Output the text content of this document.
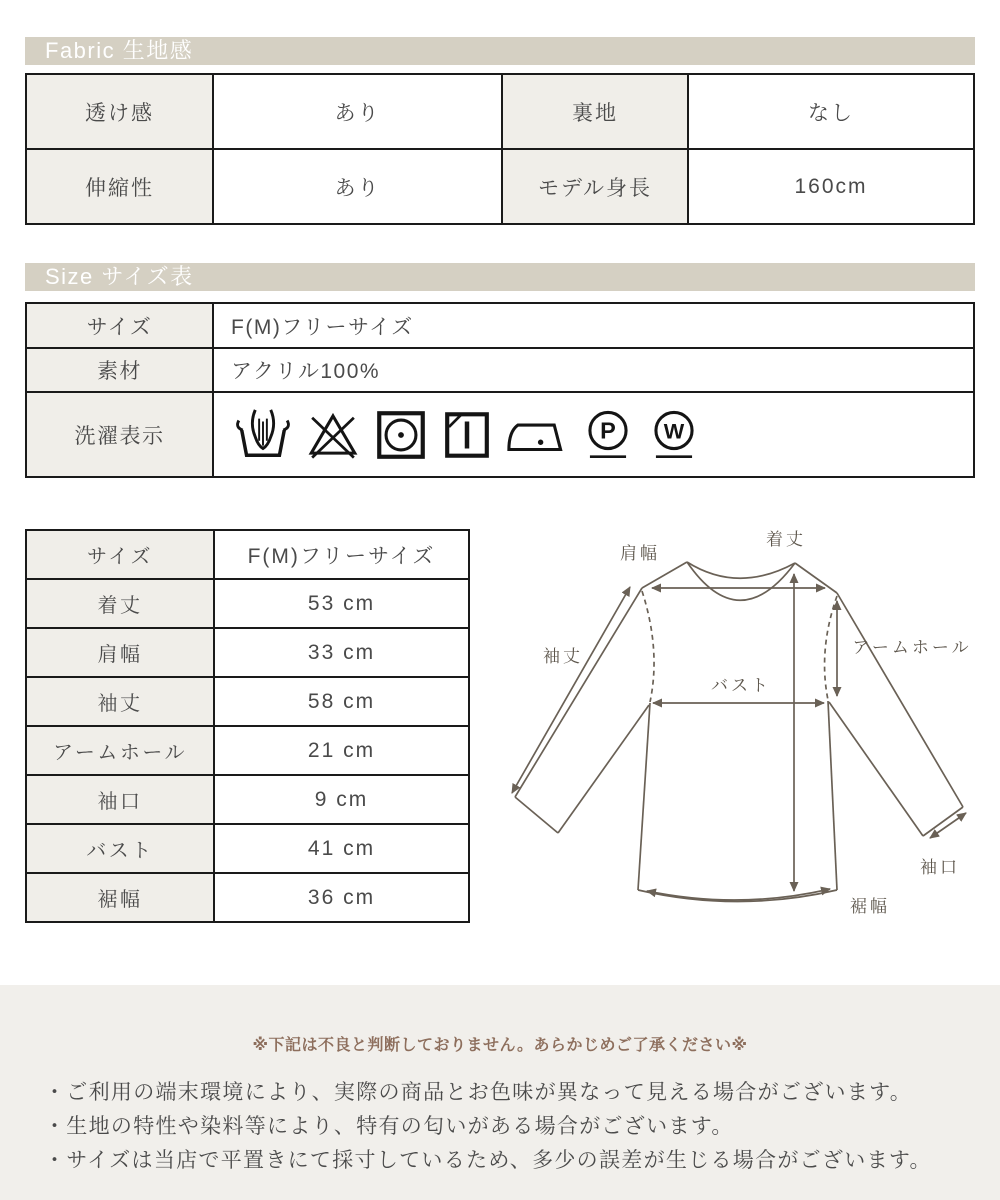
Fabric 生地感
透け感	あり	裏地	なし
伸縮性	あり	モデル身長	160cm
Size サイズ表
サイズ	F(M)フリーサイズ
素材	アクリル100%
洗濯表示	P W
サイズ	F(M)フリーサイズ
着丈	53 cm
肩幅	33 cm
袖丈	58 cm
アームホール	21 cm
袖口	9 cm
バスト	41 cm
裾幅	36 cm
着丈
肩幅
袖丈	アームホール
バスト
袖口
裾幅
※下記は不良と判断しておりません。あらかじめご了承ください※
・ご利用の端末環境により、実際の商品とお色味が異なって見える場合がございます。
・生地の特性や染料等により、特有の匂いがある場合がございます。
・サイズは当店で平置きにて採寸しているため、多少の誤差が生じる場合がございます。
